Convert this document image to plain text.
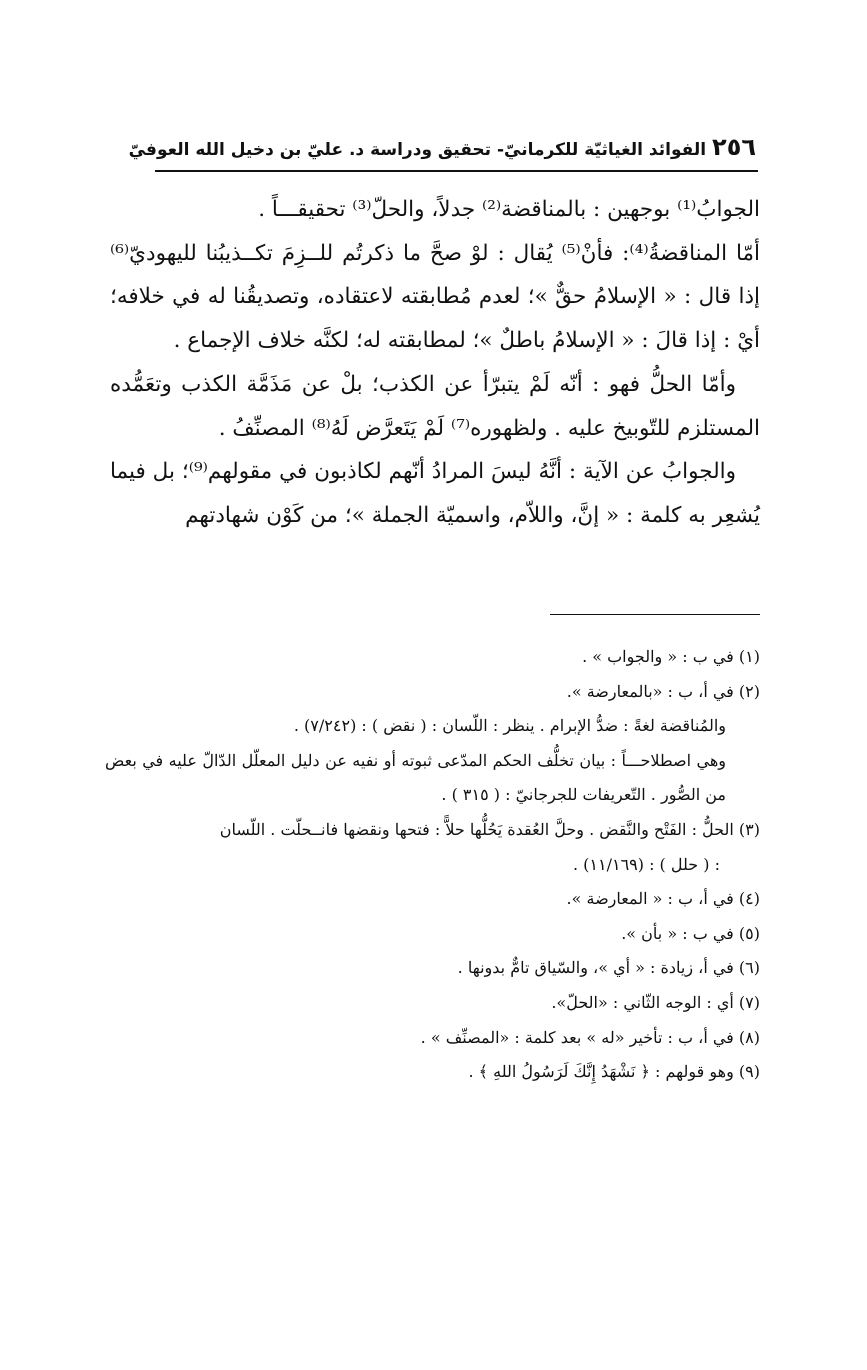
٢٥٦
الفوائد الغياثيّة للكرمانيّ- تحقيق ودراسة د. عليّ بن دخيل الله العوفيّ

الجوابُ⁽¹⁾ بوجهين : بالمناقضة⁽²⁾ جدلاً، والحلّ⁽³⁾ تحقيقـــاً .

أمّا المناقضةُ⁽⁴⁾: فأنْ⁽⁵⁾ يُقال : لوْ صحَّ ما ذكرتُم للــزِمَ تكــذيبُنا لليهوديّ⁽⁶⁾ إذا قال : « الإسلامُ حقٌّ »؛ لعدم مُطابقته لاعتقاده، وتصديقُنا له في خلافه؛ أيْ : إذا قالَ : « الإسلامُ باطلٌ »؛ لمطابقته له؛ لكنَّه خلاف الإجماع .

وأمّا الحلُّ فهو : أنّه لَمْ يتبرّأ عن الكذب؛ بلْ عن مَذَمَّة الكذب وتعَمُّده المستلزم للتّوبيخ عليه . ولظهوره⁽⁷⁾ لَمْ يَتَعرَّض لَهُ⁽⁸⁾ المصنِّفُ .

والجوابُ عن الآية : أنَّهُ ليسَ المرادُ أنّهم لكاذبون في مقولهم⁽⁹⁾؛ بل فيما يُشعِر به كلمة : « إنَّ، واللاّم، واسميّة الجملة »؛ من كَوْن شهادتهم

(١) في ب : « والجواب » .

(٢) في أ، ب : «بالمعارضة ».

والمُناقضة لغةً : ضدُّ الإبرام . ينظر : اللّسان : ( نقض ) : (٧/٢٤٢) .

وهي اصطلاحـــاً : بيان تخلُّف الحكم المدّعى ثبوته أو نفيه عن دليل المعلّل الدّالّ عليه في بعض من الصُّور . التّعريفات للجرجانيّ : ( ٣١٥ ) .

(٣) الحلُّ : الفَتْح والنَّقض . وحلَّ العُقدة يَحُلُّها حلاًّ : فتحها ونقضها فانــحلّت . اللّسان

: ( حلل ) : (١١/١٦٩) .

(٤) في أ، ب : « المعارضة ».

(٥) في ب : « بأن ».

(٦) في أ، زيادة : « أي »، والسّياق تامٌّ بدونها .

(٧) أي : الوجه الثّاني : «الحلّ».

(٨) في أ، ب : تأخير «له » بعد كلمة : «المصنِّف » .

(٩) وهو قولهم : ﴿ نَشْهَدُ إِنَّكَ لَرَسُولُ اللهِ ﴾ .
